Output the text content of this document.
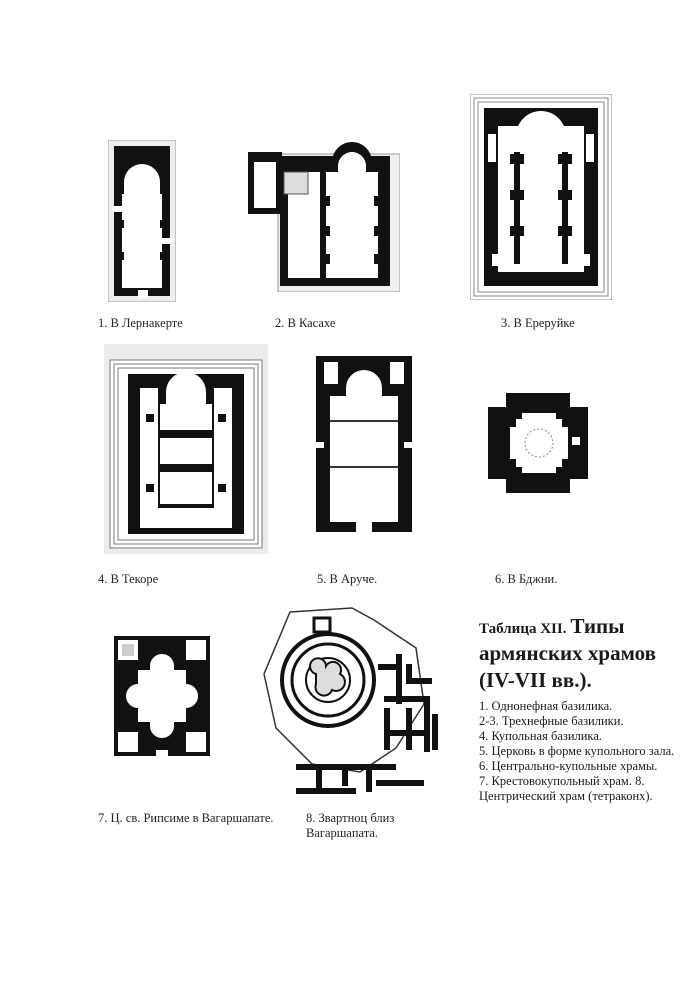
1. В Лернакерте	2. В Касахе	3. В Ереруйке
4. В Текоре	5. В Аруче.	6. В Бджни.
7. Ц. св. Рипсиме в Вагаршапате.	8. Звартноц близ Вагаршапата.
Таблица XII. Типы армянских храмов (IV-VII вв.).
1. Однонефная базилика.
2-3. Трехнефные базилики.
4. Купольная базилика.
5. Церковь в форме купольного зала.
6. Центрально-купольные храмы.
7. Крестовокупольный храм. 8. Центрический храм (тетраконх).
